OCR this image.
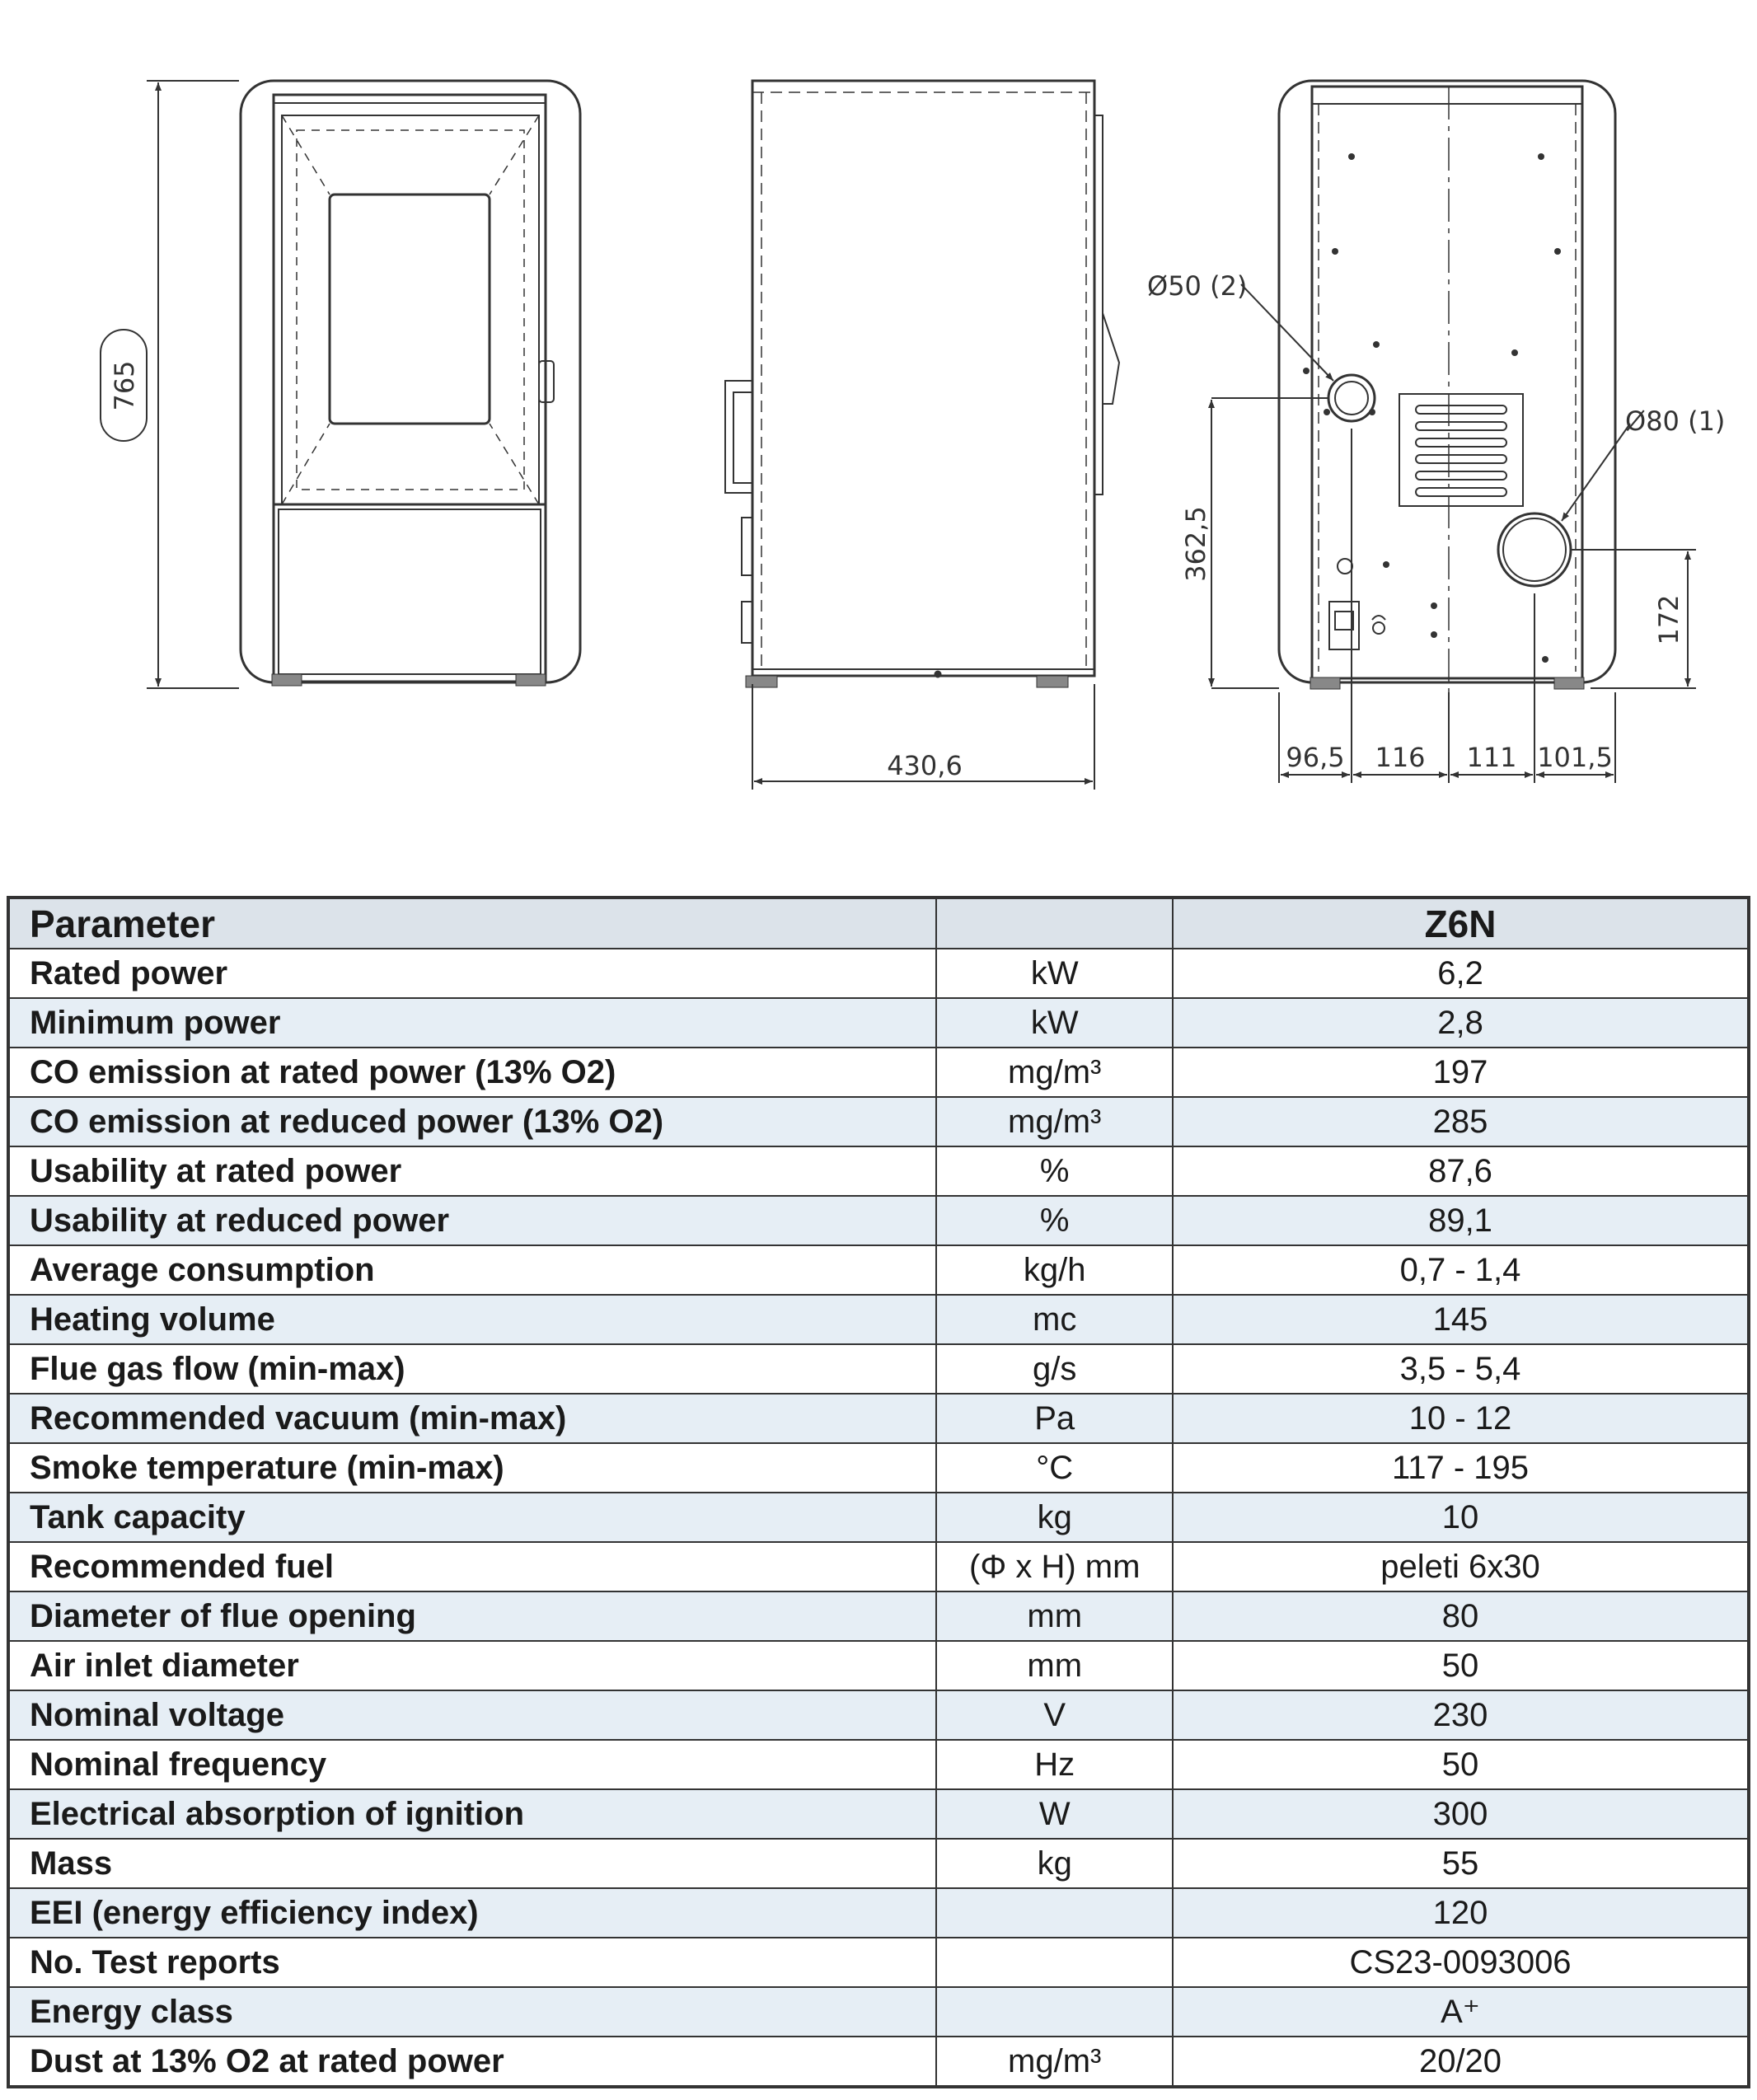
765
430,6
362,5
172
Ø50 (2)
Ø80 (1)
96,5 116 111 101,5
Parameter		Z6N
Rated power	kW	6,2
Minimum power	kW	2,8
CO emission at rated power (13% O2)	mg/m³	197
CO emission at reduced power (13% O2)	mg/m³	285
Usability at rated power	%	87,6
Usability at reduced power	%	89,1
Average consumption	kg/h	0,7 - 1,4
Heating volume	mc	145
Flue gas flow (min-max)	g/s	3,5 - 5,4
Recommended vacuum (min-max)	Pa	10 - 12
Smoke temperature (min-max)	°C	117 - 195
Tank capacity	kg	10
Recommended fuel	(Φ x H) mm	peleti 6x30
Diameter of flue opening	mm	80
Air inlet diameter	mm	50
Nominal voltage	V	230
Nominal frequency	Hz	50
Electrical absorption of ignition	W	300
Mass	kg	55
EEI (energy efficiency index)		120
No. Test reports		CS23-0093006
Energy class		A⁺
Dust at 13% O2 at rated power	mg/m³	20/20
